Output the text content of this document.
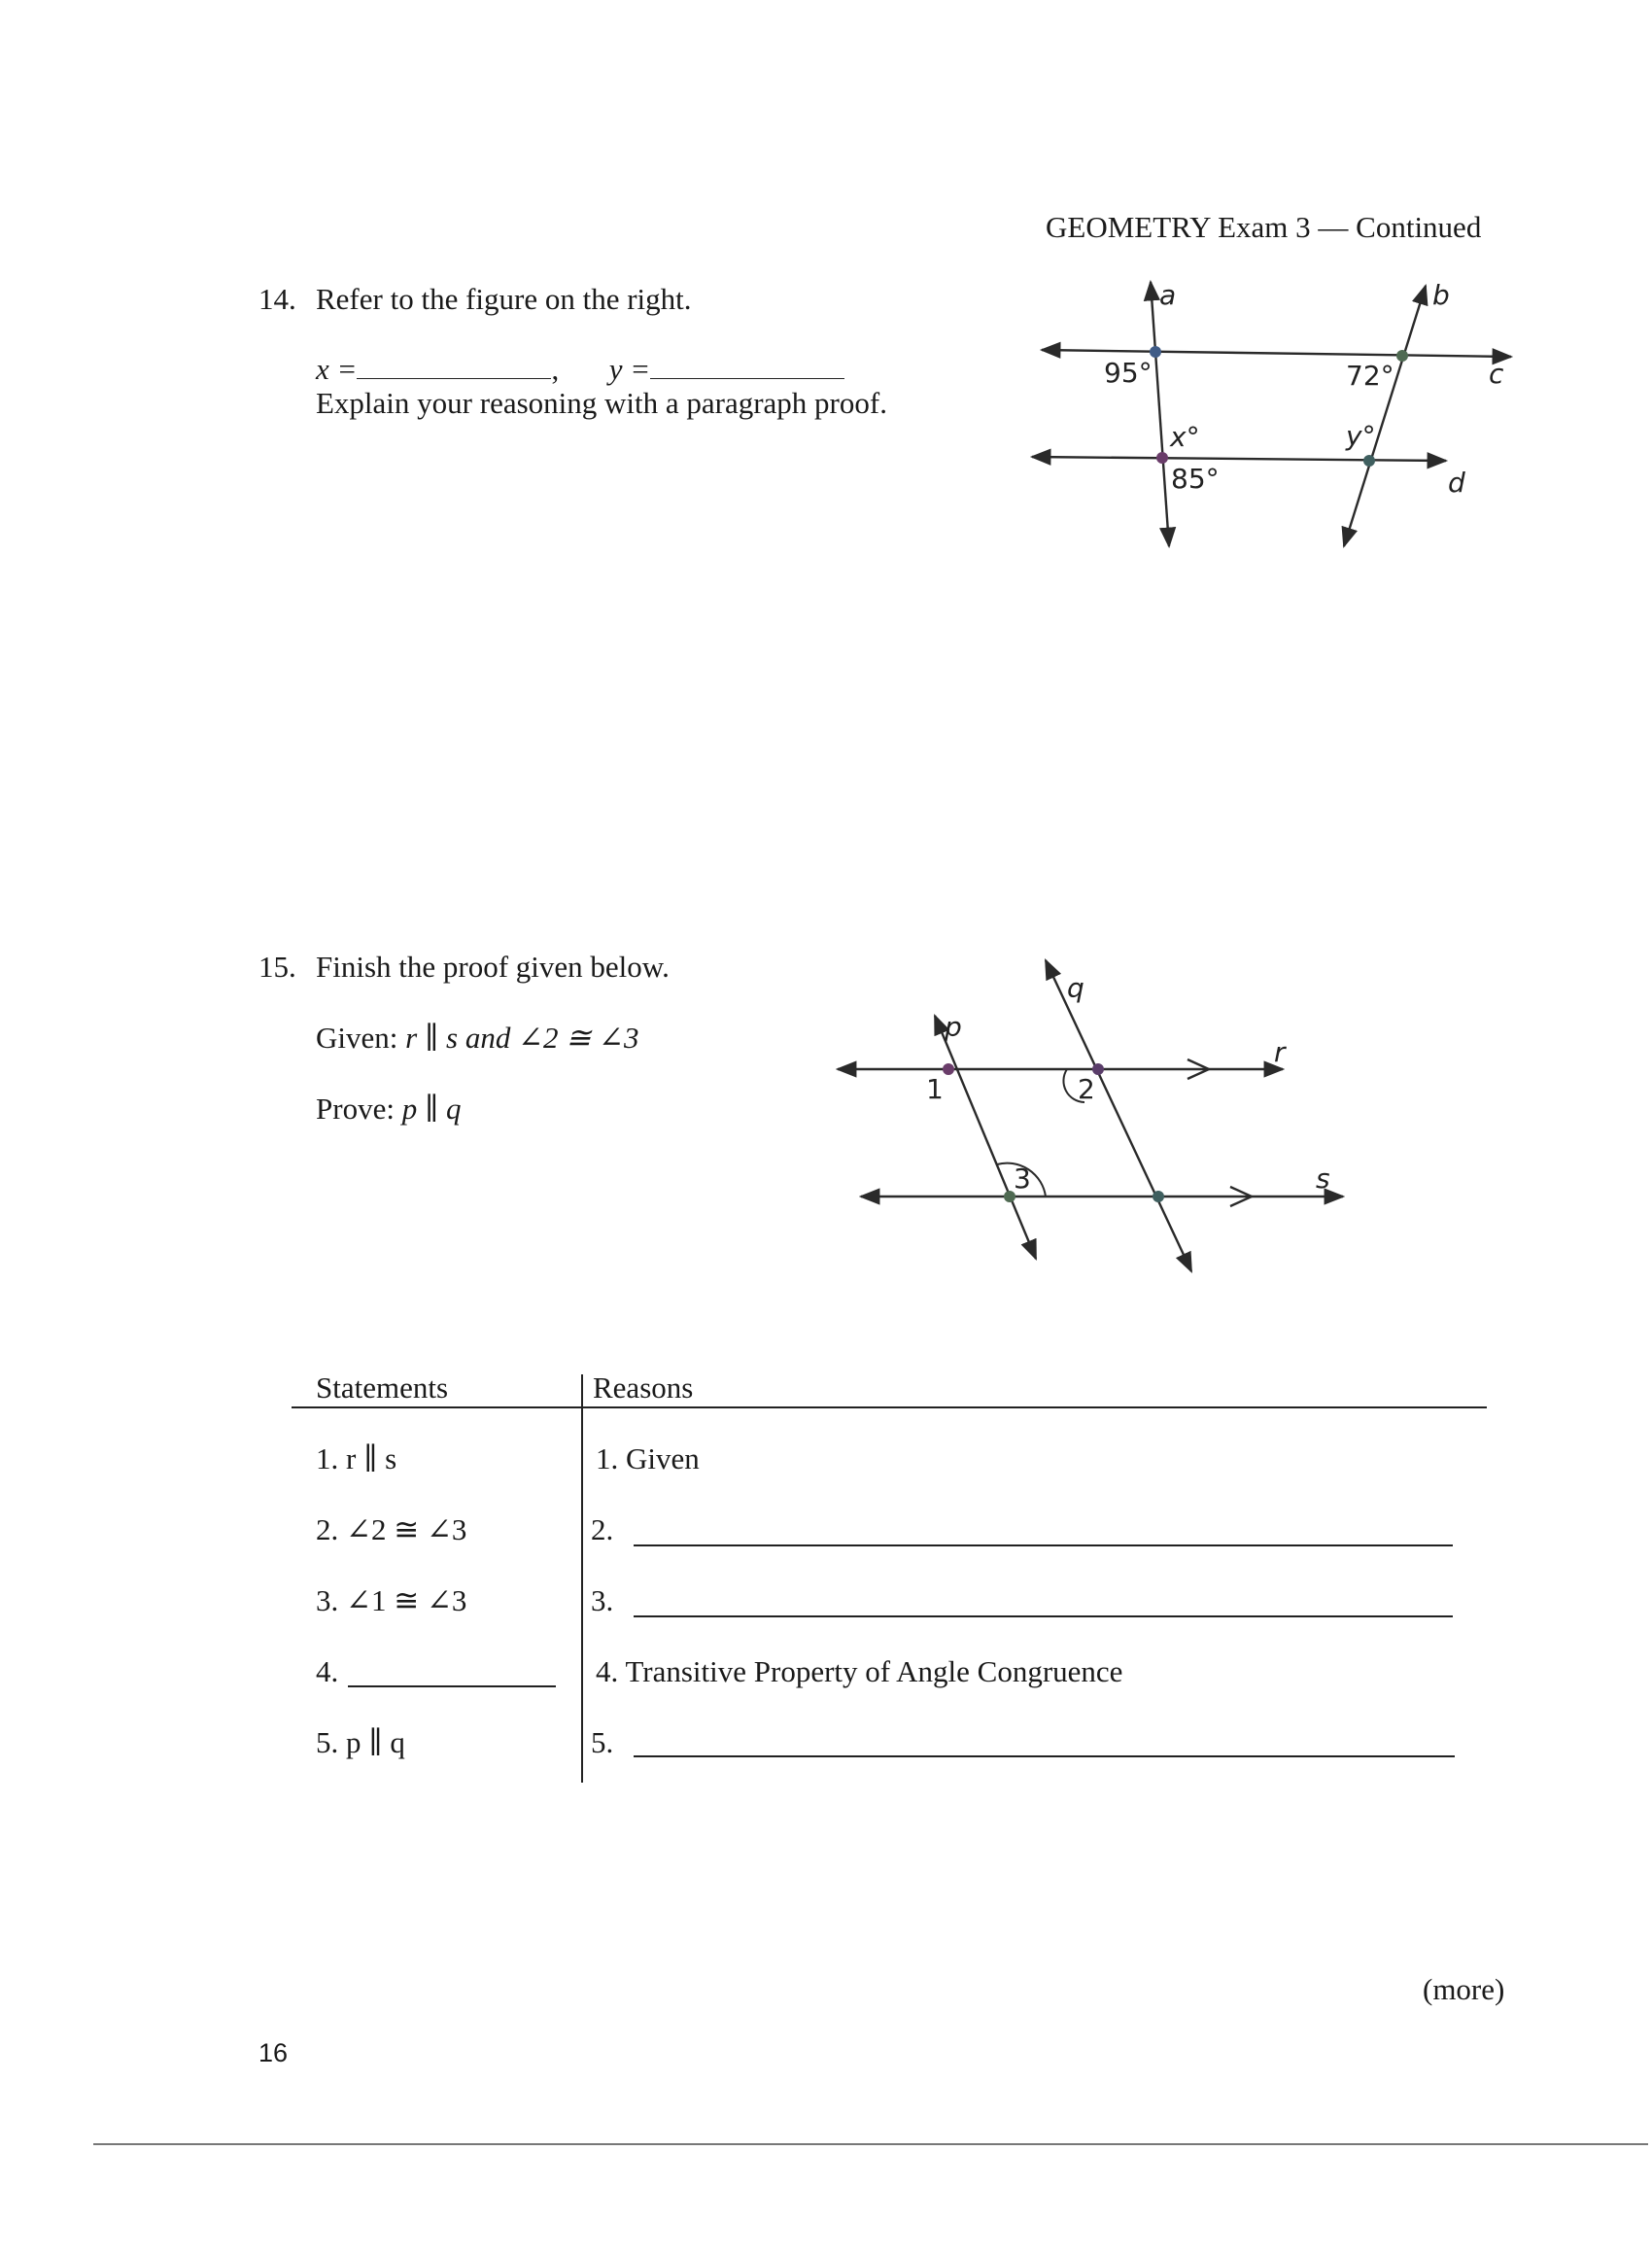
GEOMETRY Exam 3 — Continued
14. Refer to the figure on the right.
x =	, y =
Explain your reasoning with a paragraph proof.
a	b
c
d
95°	72°
x°	y°
85°
15. Finish the proof given below.
Given: r ∥ s and ∠2 ≅ ∠3
Prove: p ∥ q
p
q
r
s
1	2
3
Statements	Reasons
1. r ∥ s	1. Given
2. ∠2 ≅ ∠3	2.
3. ∠1 ≅ ∠3	3.
4.	4. Transitive Property of Angle Congruence
5. p ∥ q	5.
(more)
16
